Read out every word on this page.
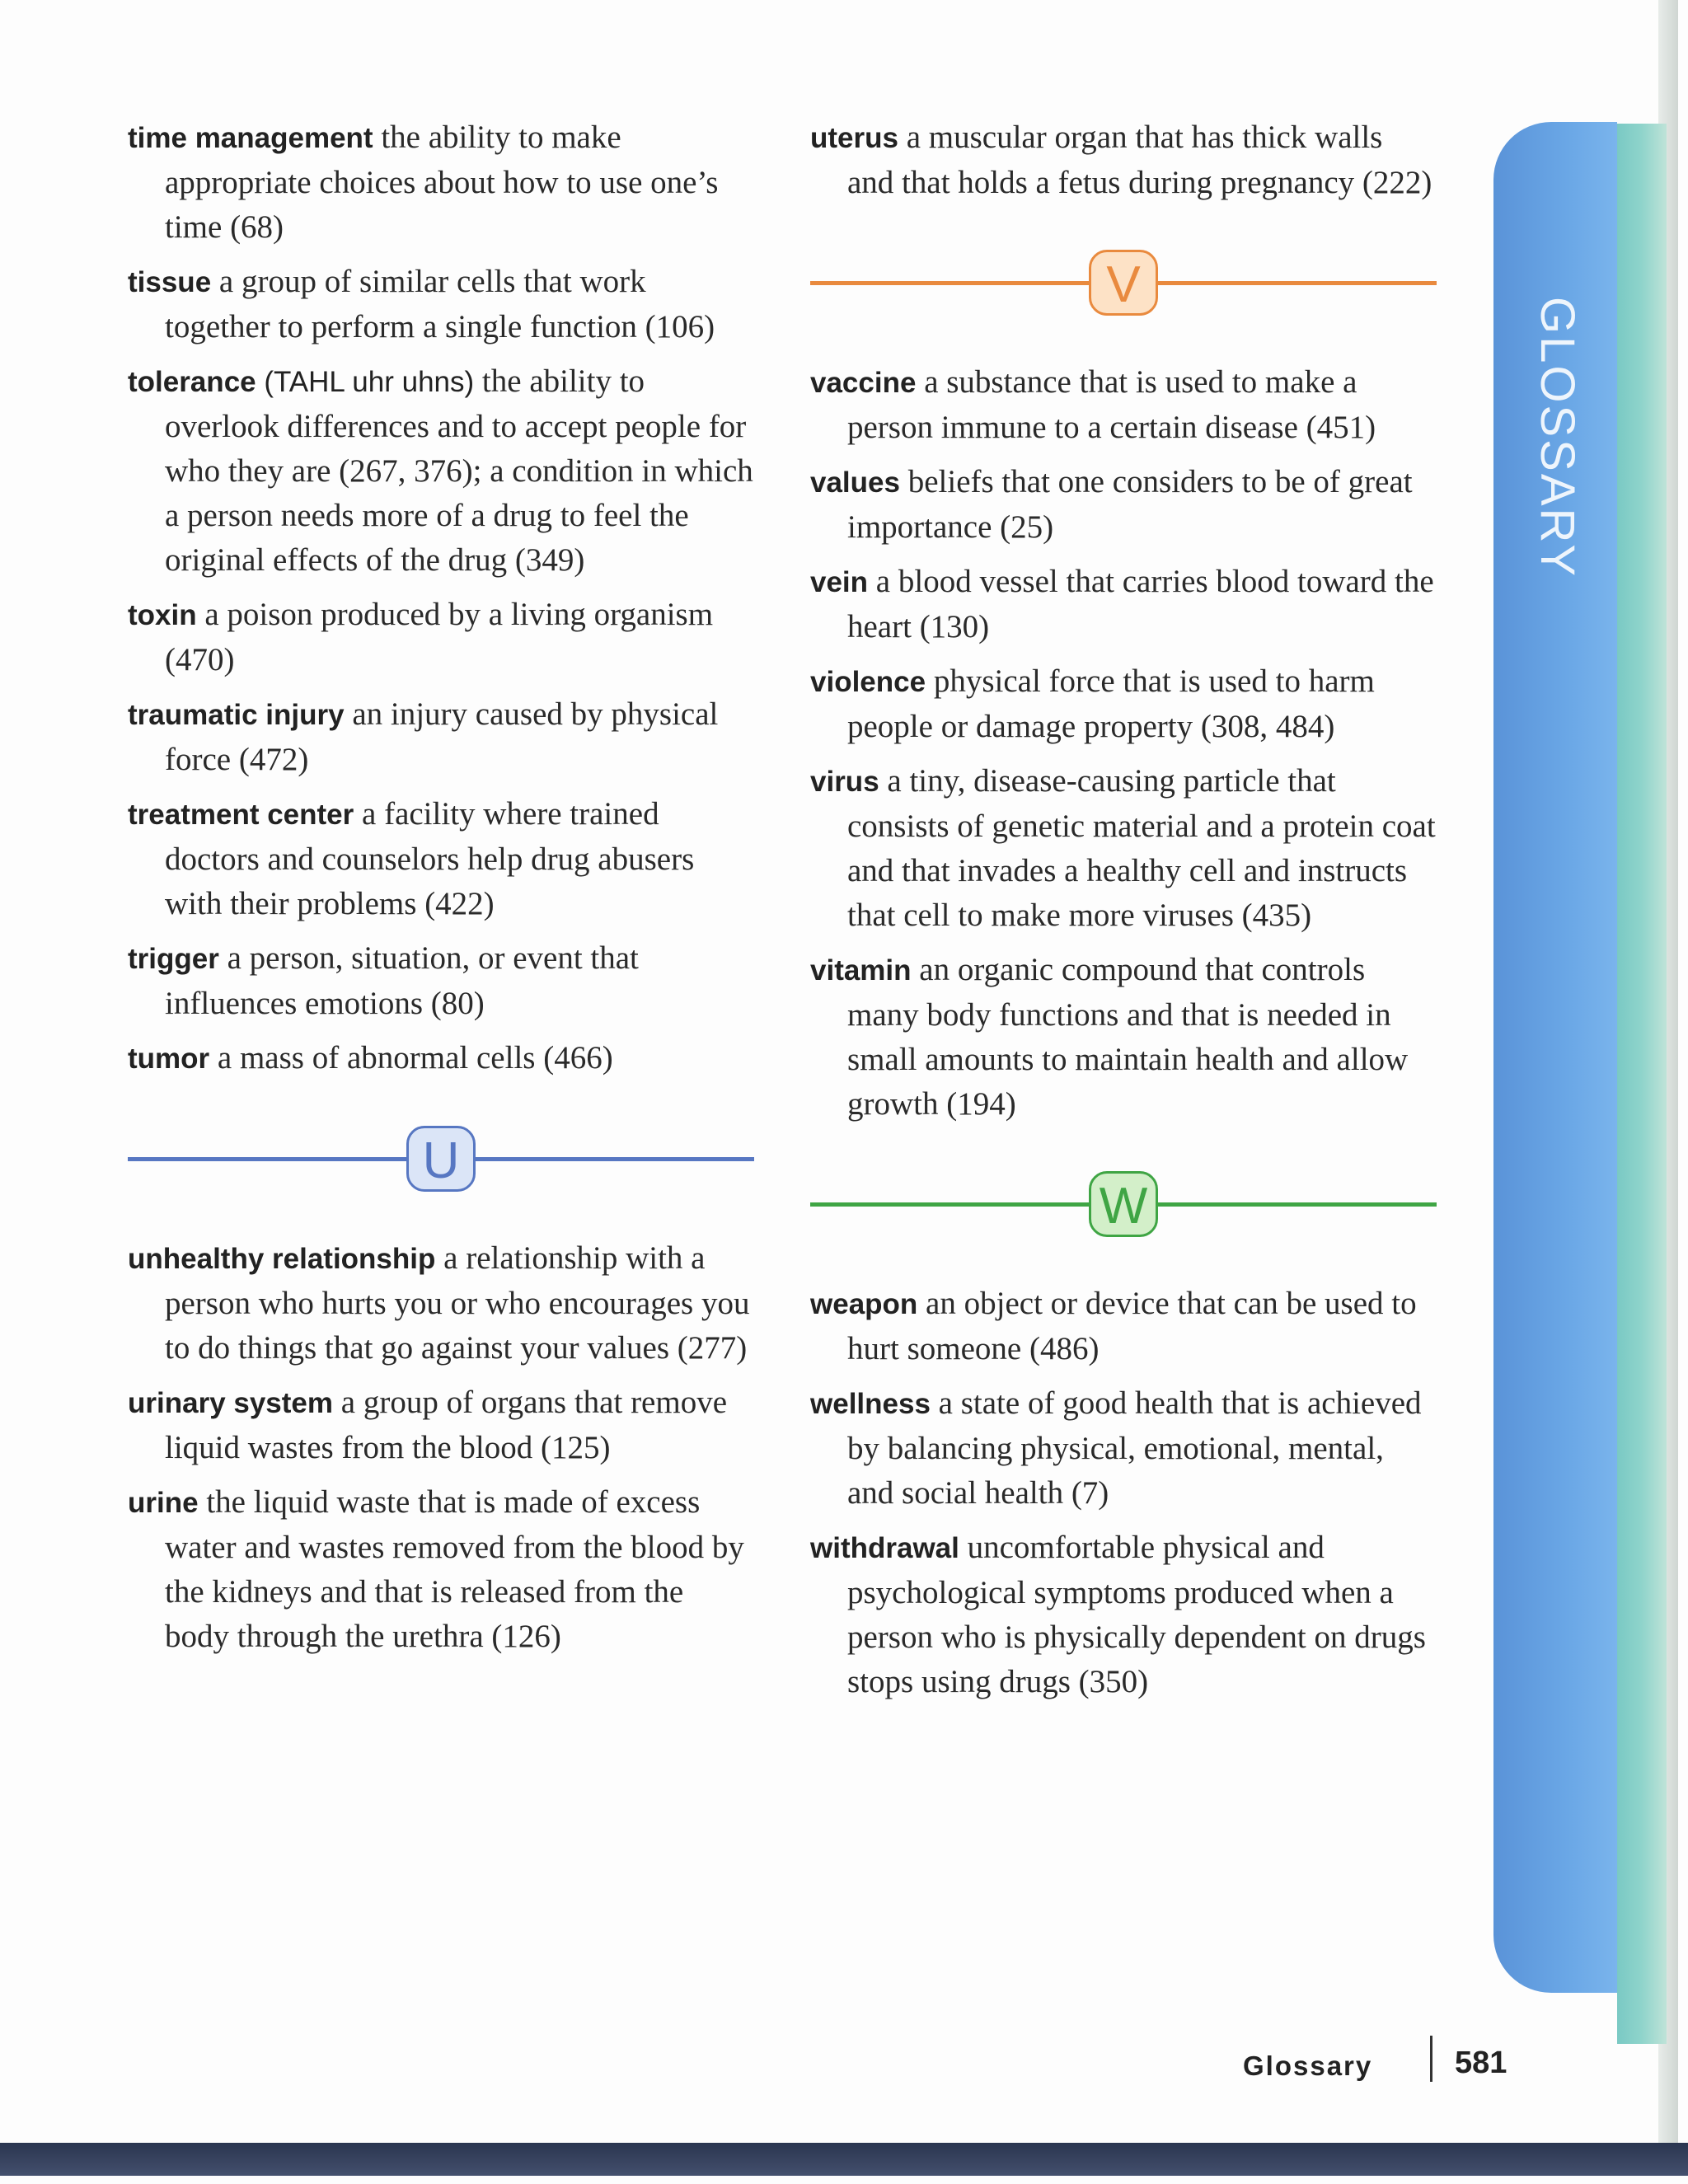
GLOSSARY

time management the ability to make appropriate choices about how to use one’s time (68)

tissue a group of similar cells that work together to perform a single function (106)

tolerance (TAHL uhr uhns) the ability to overlook differences and to accept people for who they are (267, 376); a condition in which a person needs more of a drug to feel the original effects of the drug (349)

toxin a poison produced by a living organism (470)

traumatic injury an injury caused by physical force (472)

treatment center a facility where trained doctors and counselors help drug abusers with their problems (422)

trigger a person, situation, or event that influences emotions (80)

tumor a mass of abnormal cells (466)

U

unhealthy relationship a relationship with a person who hurts you or who encourages you to do things that go against your values (277)

urinary system a group of organs that remove liquid wastes from the blood (125)

urine the liquid waste that is made of excess water and wastes removed from the blood by the kidneys and that is released from the body through the urethra (126)

uterus a muscular organ that has thick walls and that holds a fetus during pregnancy (222)

V

vaccine a substance that is used to make a person immune to a certain disease (451)

values beliefs that one considers to be of great importance (25)

vein a blood vessel that carries blood toward the heart (130)

violence physical force that is used to harm people or damage property (308, 484)

virus a tiny, disease-causing particle that consists of genetic material and a protein coat and that invades a healthy cell and instructs that cell to make more viruses (435)

vitamin an organic compound that controls many body functions and that is needed in small amounts to maintain health and allow growth (194)

W

weapon an object or device that can be used to hurt someone (486)

wellness a state of good health that is achieved by balancing physical, emotional, mental, and social health (7)

withdrawal uncomfortable physical and psychological symptoms produced when a person who is physically dependent on drugs stops using drugs (350)

Glossary	581
